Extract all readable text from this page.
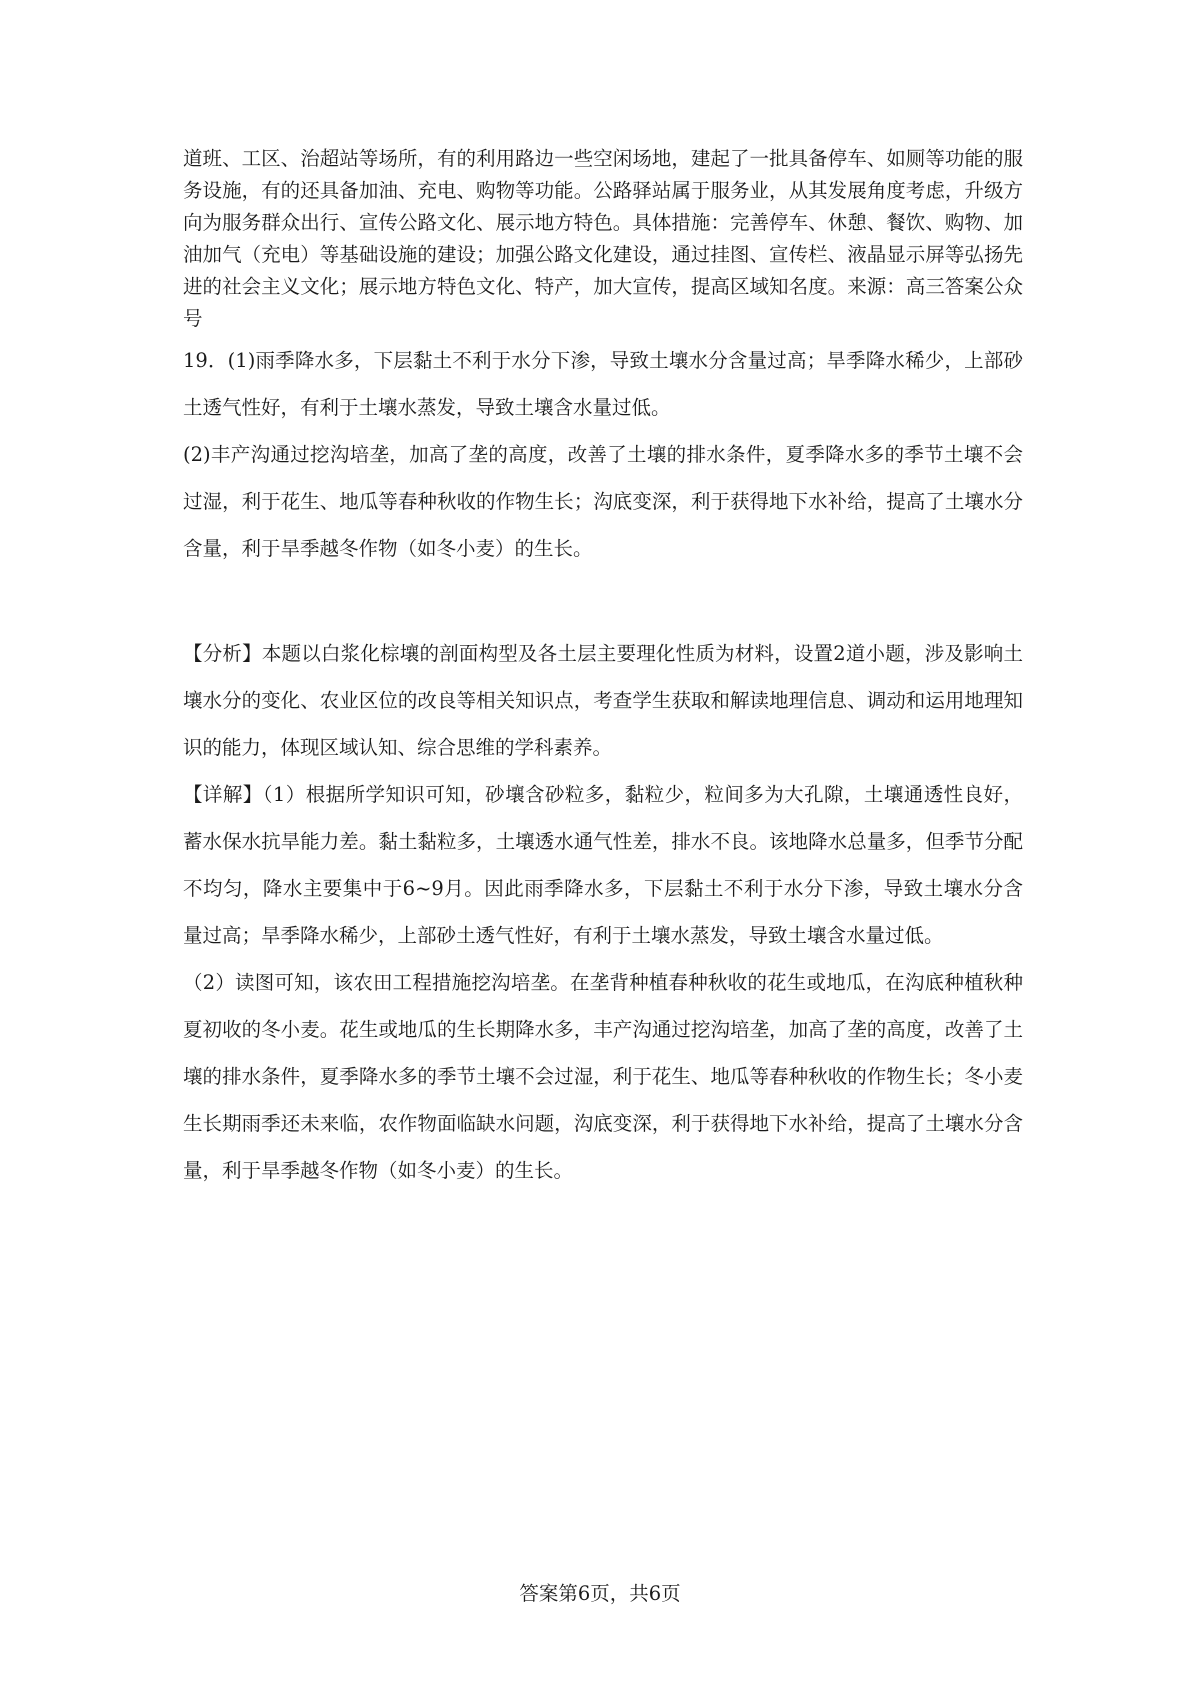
道班、工区、治超站等场所，有的利用路边一些空闲场地，建起了一批具备停车、如厕等功能的服务设施，有的还具备加油、充电、购物等功能。公路驿站属于服务业，从其发展角度考虑，升级方向为服务群众出行、宣传公路文化、展示地方特色。具体措施：完善停车、休憩、餐饮、购物、加油加气（充电）等基础设施的建设；加强公路文化建设，通过挂图、宣传栏、液晶显示屏等弘扬先进的社会主义文化；展示地方特色文化、特产，加大宣传，提高区域知名度。来源：高三答案公众号

19．(1)雨季降水多，下层黏土不利于水分下渗，导致土壤水分含量过高；旱季降水稀少，上部砂土透气性好，有利于土壤水蒸发，导致土壤含水量过低。

(2)丰产沟通过挖沟培垄，加高了垄的高度，改善了土壤的排水条件，夏季降水多的季节土壤不会过湿，利于花生、地瓜等春种秋收的作物生长；沟底变深，利于获得地下水补给，提高了土壤水分含量，利于旱季越冬作物（如冬小麦）的生长。

【分析】本题以白浆化棕壤的剖面构型及各土层主要理化性质为材料，设置2道小题，涉及影响土壤水分的变化、农业区位的改良等相关知识点，考查学生获取和解读地理信息、调动和运用地理知识的能力，体现区域认知、综合思维的学科素养。

【详解】（1）根据所学知识可知，砂壤含砂粒多，黏粒少，粒间多为大孔隙，土壤通透性良好，蓄水保水抗旱能力差。黏土黏粒多，土壤透水通气性差，排水不良。该地降水总量多，但季节分配不均匀，降水主要集中于6~9月。因此雨季降水多，下层黏土不利于水分下渗，导致土壤水分含量过高；旱季降水稀少，上部砂土透气性好，有利于土壤水蒸发，导致土壤含水量过低。

（2）读图可知，该农田工程措施挖沟培垄。在垄背种植春种秋收的花生或地瓜，在沟底种植秋种夏初收的冬小麦。花生或地瓜的生长期降水多，丰产沟通过挖沟培垄，加高了垄的高度，改善了土壤的排水条件，夏季降水多的季节土壤不会过湿，利于花生、地瓜等春种秋收的作物生长；冬小麦生长期雨季还未来临，农作物面临缺水问题，沟底变深，利于获得地下水补给，提高了土壤水分含量，利于旱季越冬作物（如冬小麦）的生长。

答案第6页，共6页
